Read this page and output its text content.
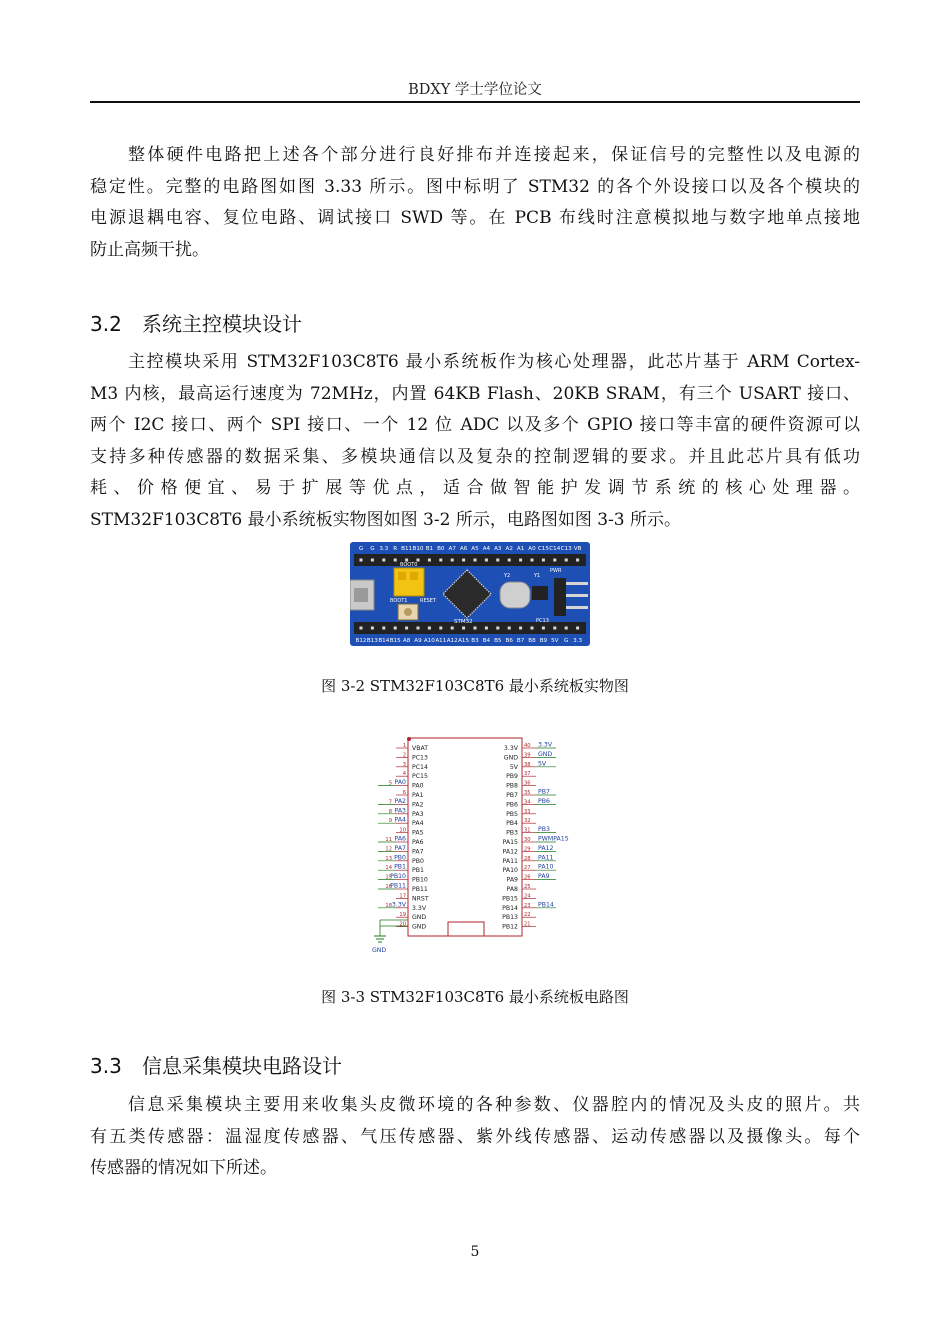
BDXY 学士学位论文
整体硬件电路把上述各个部分进行良好排布并连接起来，保证信号的完整性以及电源的
稳定性。完整的电路图如图 3.33 所示。图中标明了 STM32 的各个外设接口以及各个模块的
电源退耦电容、复位电路、调试接口 SWD 等。在 PCB 布线时注意模拟地与数字地单点接地
防止高频干扰。
3.2 系统主控模块设计
主控模块采用 STM32F103C8T6 最小系统板作为核心处理器，此芯片基于 ARM Cortex-
M3 内核，最高运行速度为 72MHz，内置 64KB Flash、20KB SRAM，有三个 USART 接口、
两个 I2C 接口、两个 SPI 接口、一个 12 位 ADC 以及多个 GPIO 接口等丰富的硬件资源可以
支持多种传感器的数据采集、多模块通信以及复杂的控制逻辑的要求。并且此芯片具有低功
耗、价格便宜、易于扩展等优点，适合做智能护发调节系统的核心处理器。
STM32F103C8T6 最小系统板实物图如图 3-2 所示，电路图如图 3-3 所示。
G G 3.3 R B11 B10 B1 B0 A7 A6 A5 A4 A3 A2 A1 A0 C15 C14 C13 VB
B12 B13 B14 B15 A8 A9 A10 A11 A12 A15 B3 B4 B5 B6 B7 B8 B9 5V G 3.3
BOOT0
BOOT1	RESET
STM32
Y2	Y1
PWR
PC13
图 3-2 STM32F103C8T6 最小系统板实物图
1 VBAT
2 PC13
3 PC14
4 PC15
5	PA0
PA0
6 PA1
7	PA2
PA2
8	PA3
PA3
9	PA4
PA4
10 PA5
11	PA6
PA6
12	PA7
PA7
13	PB0
PB0
14	PB1
PB1
15	PB10
PB10
16	PB11
PB11
17 NRST
18	3.3V
3.3V
19 GND
20 GND
40
3.3V	3.3V
39
GND	GND
38
5V	5V
37
PB9
36
PB8
35
PB7	PB7
34
PB6	PB6
33
PB5
32
PB4
31
PB3	PB3
30
PA15	PWMPA15
29
PA12	PA12
28
PA11	PA11
27
PA10	PA10
26
PA9	PA9
25
PA8
24
PB15
23
PB14	PB14
22
PB13
21
PB12
GND
图 3-3 STM32F103C8T6 最小系统板电路图
3.3 信息采集模块电路设计
信息采集模块主要用来收集头皮微环境的各种参数、仪器腔内的情况及头皮的照片。共
有五类传感器：温湿度传感器、气压传感器、紫外线传感器、运动传感器以及摄像头。每个
传感器的情况如下所述。
5
